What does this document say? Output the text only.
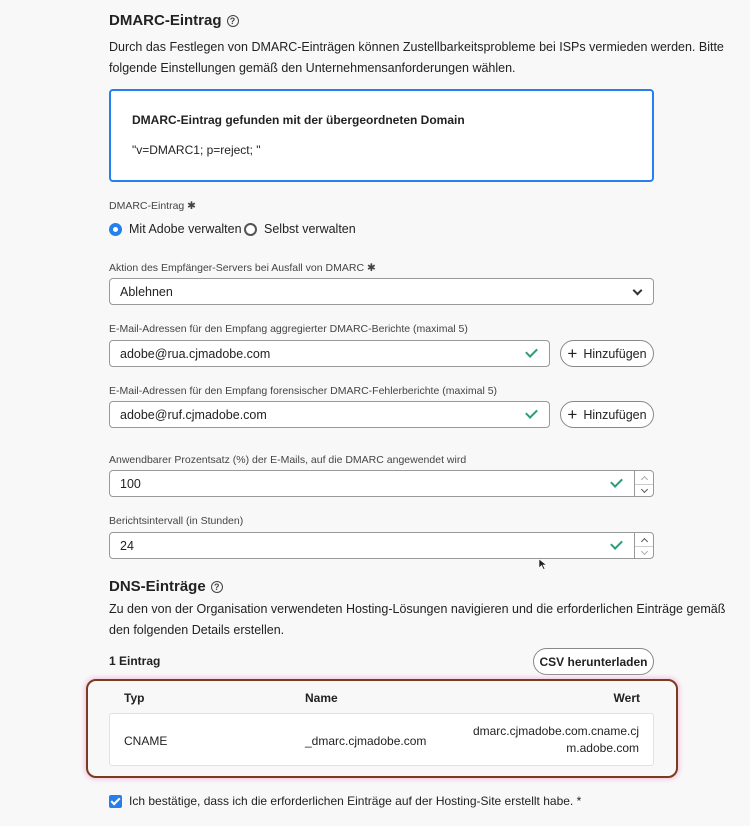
DMARC-Eintrag ?
Durch das Festlegen von DMARC-Einträgen können Zustellbarkeitsprobleme bei ISPs vermieden werden. Bitte
folgende Einstellungen gemäß den Unternehmensanforderungen wählen.
DMARC-Eintrag gefunden mit der übergeordneten Domain
"v=DMARC1; p=reject; "
DMARC-Eintrag ✱
Mit Adobe verwalten Selbst verwalten
Aktion des Empfänger-Servers bei Ausfall von DMARC ✱
Ablehnen
E-Mail-Adressen für den Empfang aggregierter DMARC-Berichte (maximal 5)
adobe@rua.cjmadobe.com	+ Hinzufügen
E-Mail-Adressen für den Empfang forensischer DMARC-Fehlerberichte (maximal 5)
adobe@ruf.cjmadobe.com	+ Hinzufügen
Anwendbarer Prozentsatz (%) der E-Mails, auf die DMARC angewendet wird
100
Berichtsintervall (in Stunden)
24
DNS-Einträge ?
Zu den von der Organisation verwendeten Hosting-Lösungen navigieren und die erforderlichen Einträge gemäß
den folgenden Details erstellen.
1 Eintrag	CSV herunterladen
Typ	Name	Wert
CNAME	_dmarc.cjmadobe.com
dmarc.cjmadobe.com.cname.cj
m.adobe.com
Ich bestätige, dass ich die erforderlichen Einträge auf der Hosting-Site erstellt habe. *
